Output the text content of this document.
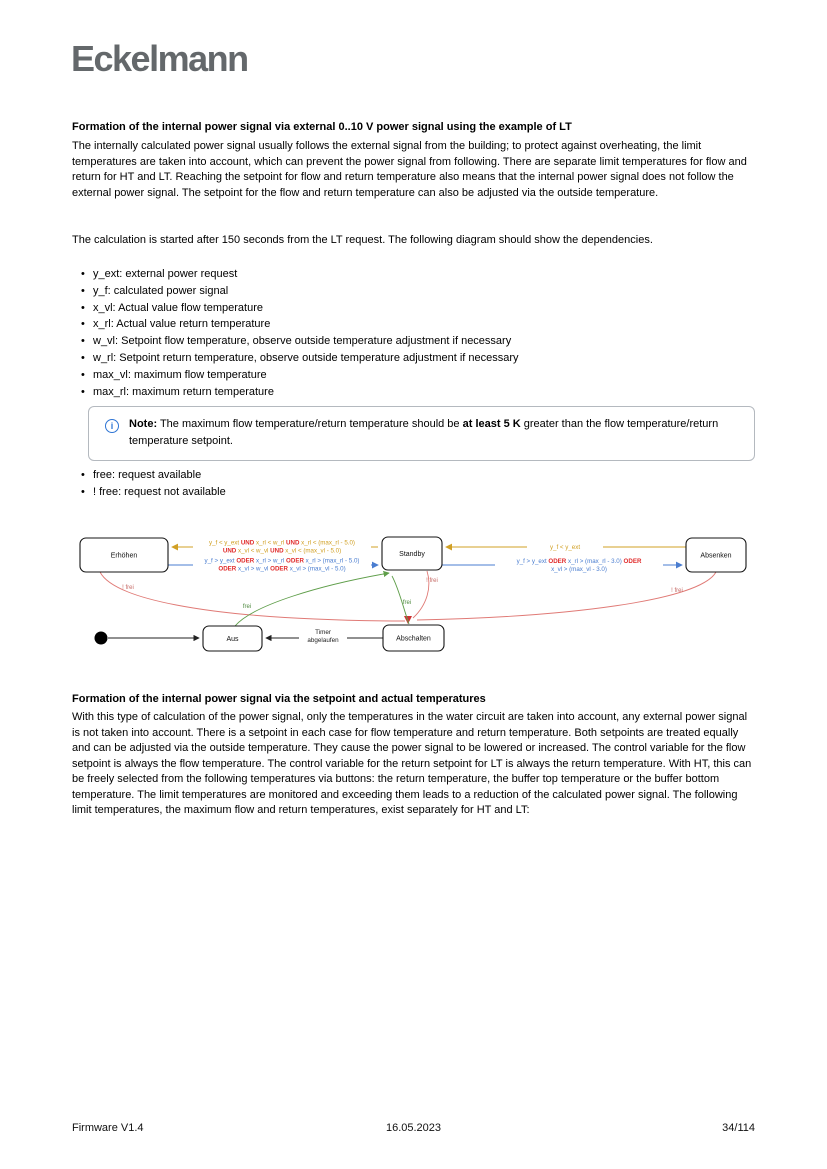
Eckelmann
Formation of the internal power signal via external 0..10 V power signal using the example of LT
The internally calculated power signal usually follows the external signal from the building; to protect against overheating, the limit temperatures are taken into account, which can prevent the power signal from following. There are separate limit temperatures for flow and return for HT and LT. Reaching the setpoint for flow and return temperature also means that the internal power signal does not follow the external power signal. The setpoint for the flow and return temperature can also be adjusted via the outside temperature.
The calculation is started after 150 seconds from the LT request. The following diagram should show the dependencies.
• y_ext: external power request
• y_f: calculated power signal
• x_vl: Actual value flow temperature
• x_rl: Actual value return temperature
• w_vl: Setpoint flow temperature, observe outside temperature adjustment if necessary
• w_rl: Setpoint return temperature, observe outside temperature adjustment if necessary
• max_vl: maximum flow temperature
• max_rl: maximum return temperature
i	Note: The maximum flow temperature/return temperature should be at least 5 K greater than the flow temperature/return temperature setpoint.
• free: request available
• ! free: request not available
y_f < y_ext UND x_rl < w_rl UND x_rl < (max_rl - 5.0)
UND x_vl < w_vl UND x_vl < (max_vl - 5.0)
y_f > y_ext ODER x_rl > w_rl ODER x_rl > (max_rl - 5.0)
ODER x_vl > w_vl ODER x_vl > (max_vl - 5.0)
y_f < y_ext
y_f > y_ext ODER x_rl > (max_rl - 3.0) ODER
x_vl > (max_vl - 3.0)
! frei
! frei
! frei
frei
frei
Timer
abgelaufen
Erhöhen	Standby	Absenken
Aus	Abschalten
Formation of the internal power signal via the setpoint and actual temperatures
With this type of calculation of the power signal, only the temperatures in the water circuit are taken into account, any external power signal is not taken into account. There is a setpoint in each case for flow temperature and return temperature. Both setpoints are treated equally and can be adjusted via the outside temperature. They cause the power signal to be lowered or increased. The control variable for the flow setpoint is always the flow temperature. The control variable for the return setpoint for LT is always the return temperature. With HT, this can be freely selected from the following temperatures via buttons: the return temperature, the buffer top temperature or the buffer bottom temperature. The limit temperatures are monitored and exceeding them leads to a reduction of the calculated power signal. The following limit temperatures, the maximum flow and return temperatures, exist separately for HT and LT:
Firmware V1.4	16.05.2023	34/114
